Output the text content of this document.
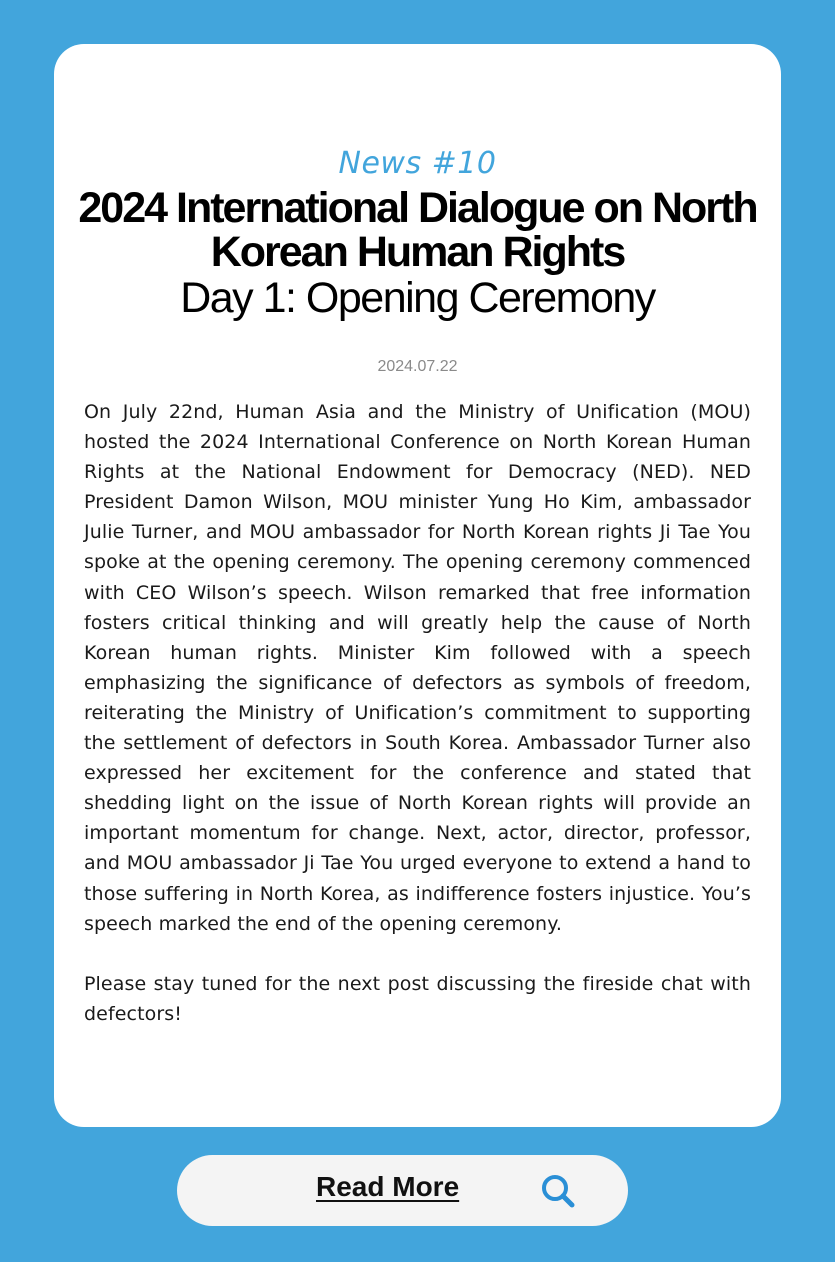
News #10
2024 International Dialogue on North Korean Human Rights
Day 1: Opening Ceremony
2024.07.22

On July 22nd, Human Asia and the Ministry of Unification (MOU) hosted the 2024 International Conference on North Korean Human Rights at the National Endowment for Democracy (NED). NED President Damon Wilson, MOU minister Yung Ho Kim, ambassador Julie Turner, and MOU ambassador for North Korean rights Ji Tae You spoke at the opening ceremony. The opening ceremony commenced with CEO Wilson’s speech. Wilson remarked that free information fosters critical thinking and will greatly help the cause of North Korean human rights. Minister Kim followed with a speech emphasizing the significance of defectors as symbols of freedom, reiterating the Ministry of Unification’s commitment to supporting the settlement of defectors in South Korea. Ambassador Turner also expressed her excitement for the conference and stated that shedding light on the issue of North Korean rights will provide an important momentum for change. Next, actor, director, professor, and MOU ambassador Ji Tae You urged everyone to extend a hand to those suffering in North Korea, as indifference fosters injustice. You’s speech marked the end of the opening ceremony.

Please stay tuned for the next post discussing the fireside chat with defectors!

Read More
